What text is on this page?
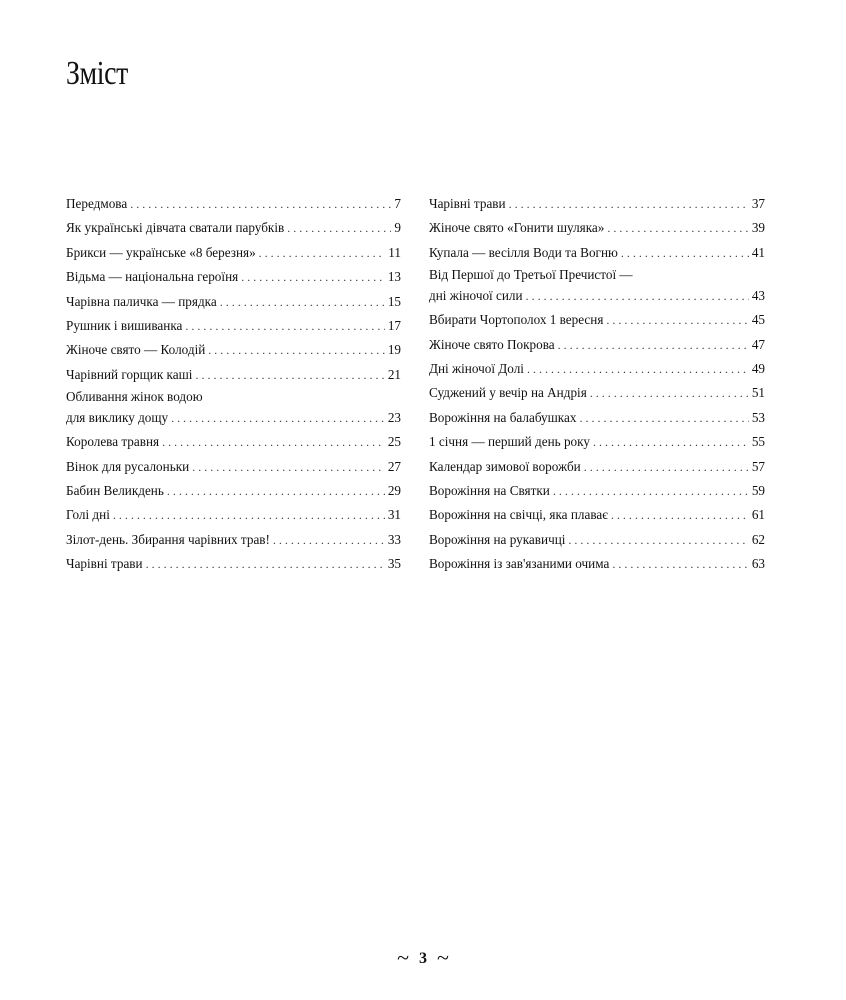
Зміст
Передмова . . .	7
Як українські дівчата сватали парубків . . .	9
Брикси — українське «8 березня» . . .	11
Відьма — національна героїня . . .	13
Чарівна паличка — прядка . . .	15
Рушник і вишиванка . . .	17
Жіноче свято — Колодій . . .	19
Чарівний горщик каші . . .	21
Обливання жінок водою
для виклику дощу . . .	23
Королева травня . . .	25
Вінок для русалоньки . . .	27
Бабин Великдень . . .	29
Голі дні . . .	31
Зілот-день. Збирання чарівних трав! . . .	33
Чарівні трави . . .	35
Чарівні трави . . .	37
Жіноче свято «Гонити шуляка» . . .	39
Купала — весілля Води та Вогню . . .	41
Від Першої до Третьої Пречистої —
дні жіночої сили . . .	43
Вбирати Чортополох 1 вересня . . .	45
Жіноче свято Покрова . . .	47
Дні жіночої Долі . . .	49
Суджений у вечір на Андрія . . .	51
Ворожіння на балабушках . . .	53
1 січня — перший день року . . .	55
Календар зимової ворожби . . .	57
Ворожіння на Святки . . .	59
Ворожіння на свічці, яка плаває . . .	61
Ворожіння на рукавичці . . .	62
Ворожіння із зав'язаними очима . . .	63
~ 3 ~
